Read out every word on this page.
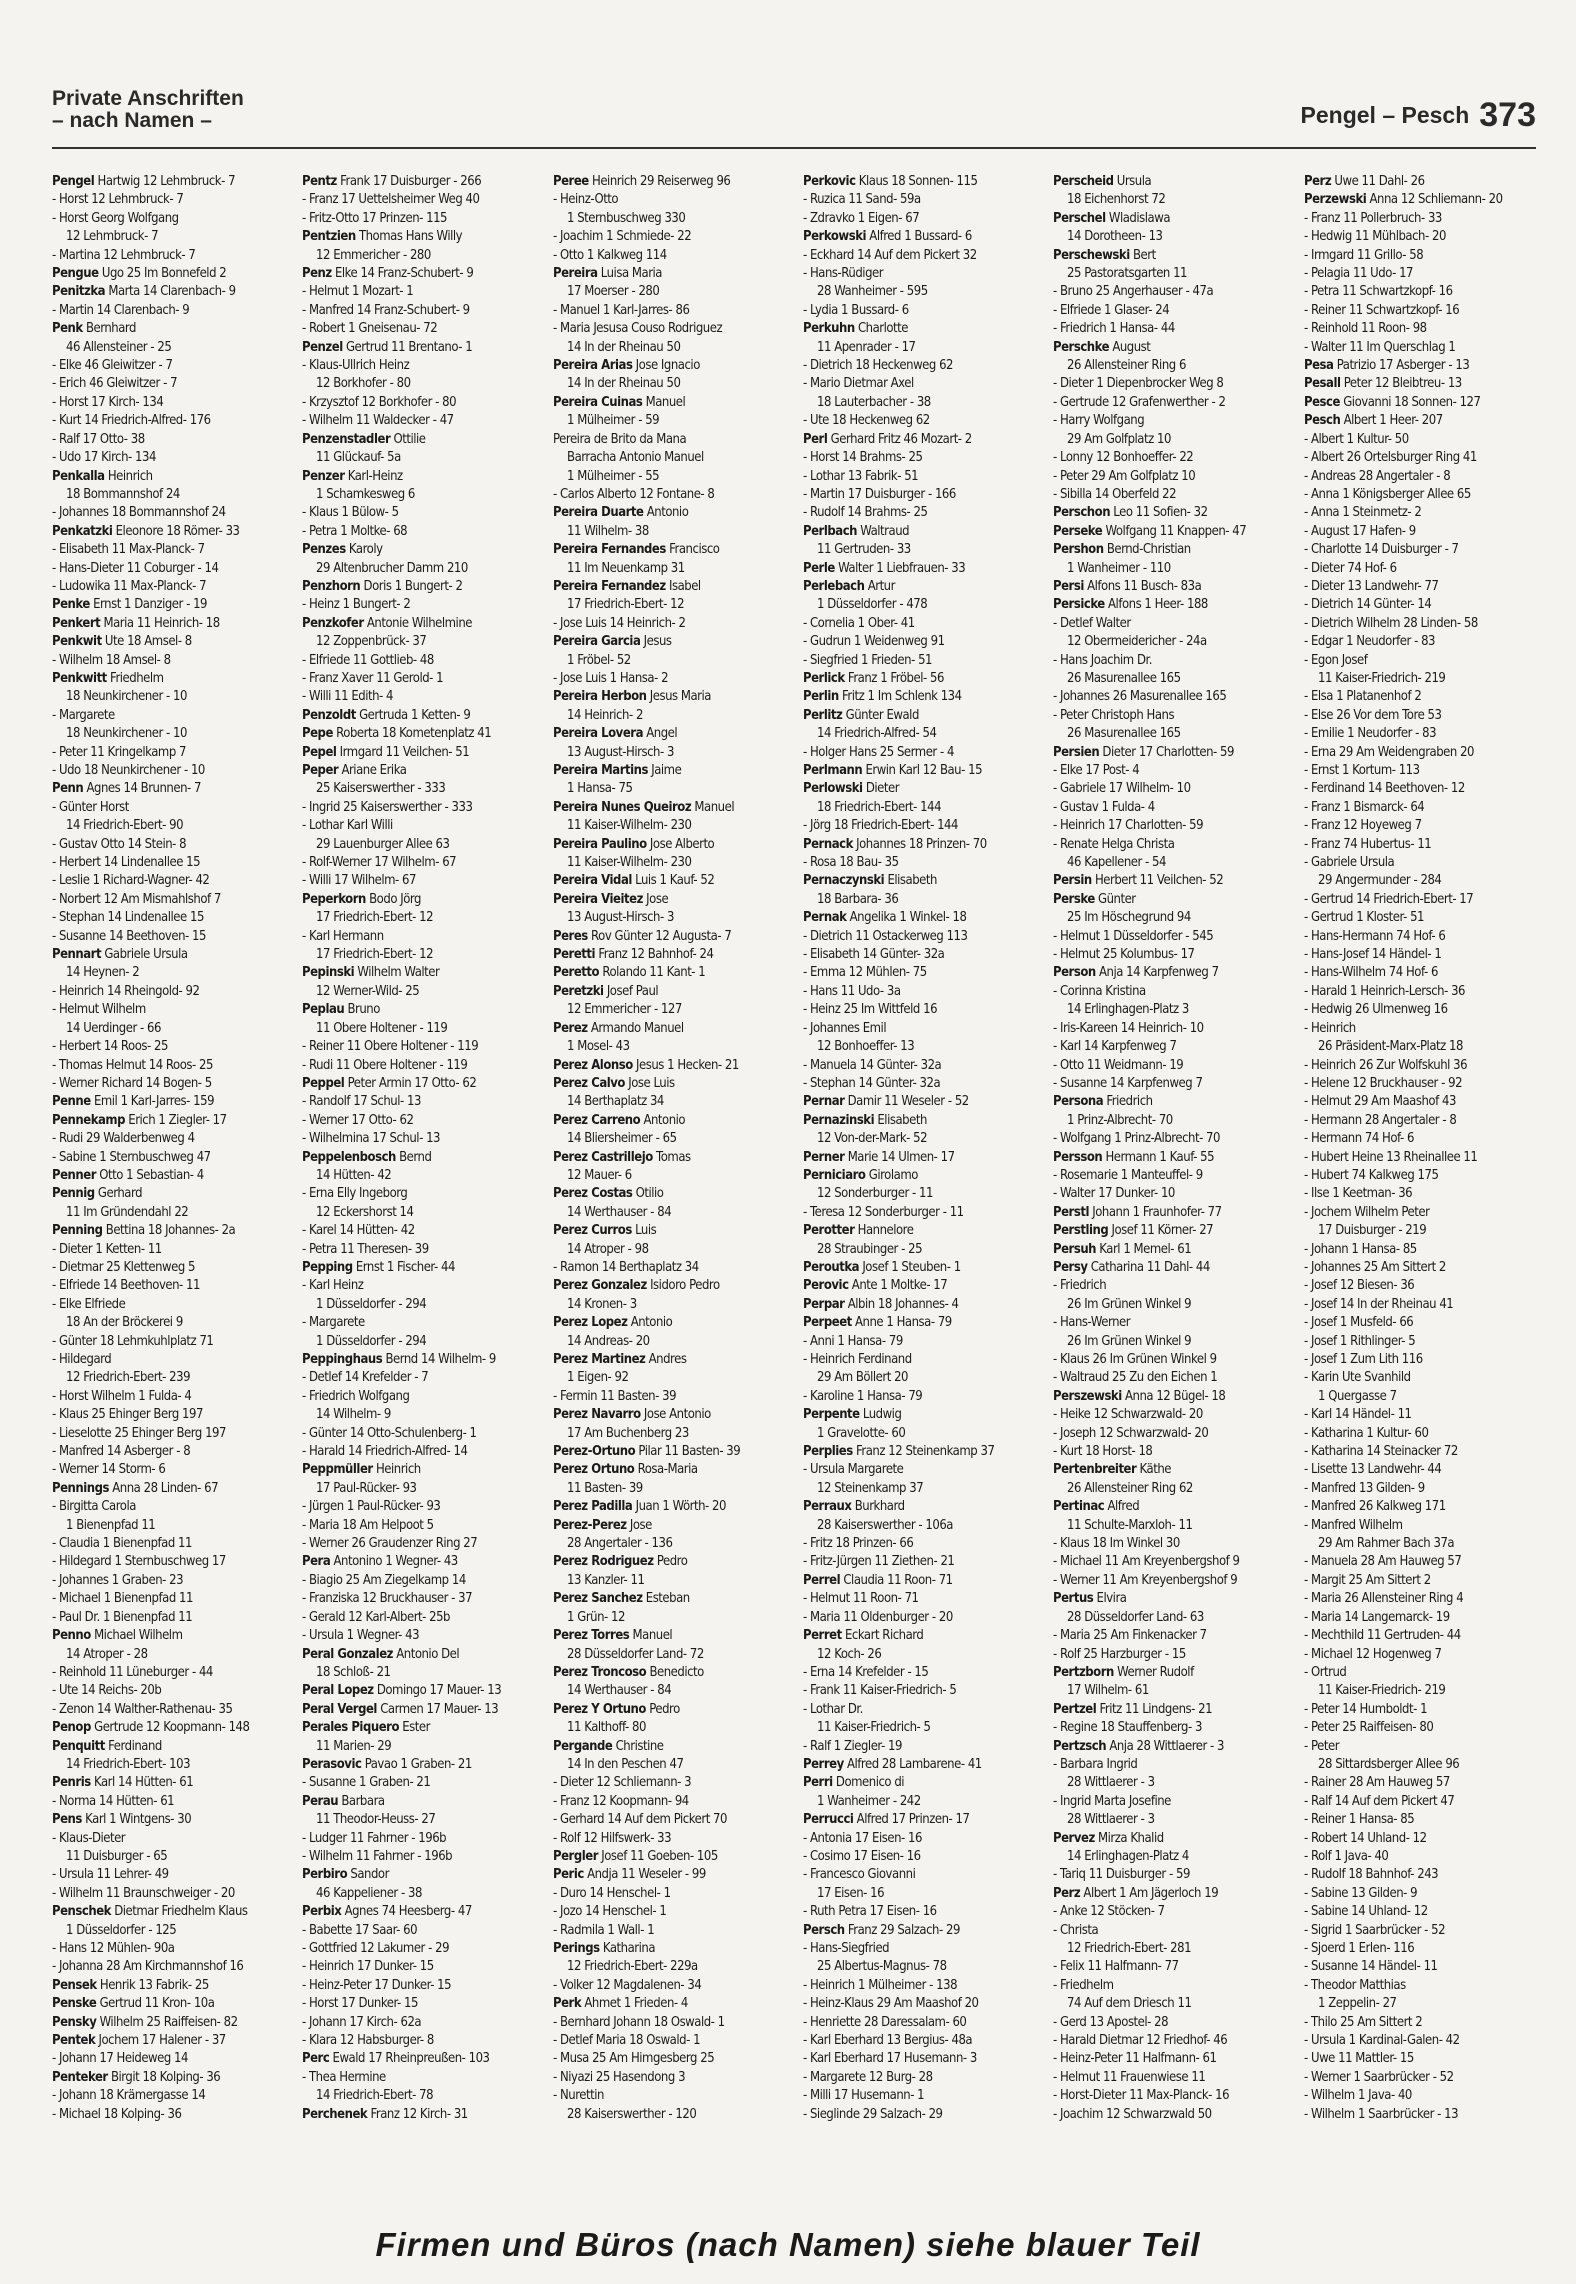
Private Anschriften
– nach Namen –	Pengel – Pesch 373
Pengel Hartwig 12 Lehmbruck- 7
- Horst 12 Lehmbruck- 7
- Horst Georg Wolfgang
12 Lehmbruck- 7
- Martina 12 Lehmbruck- 7
Pengue Ugo 25 Im Bonnefeld 2
Penitzka Marta 14 Clarenbach- 9
- Martin 14 Clarenbach- 9
Penk Bernhard
46 Allensteiner - 25
- Elke 46 Gleiwitzer - 7
- Erich 46 Gleiwitzer - 7
- Horst 17 Kirch- 134
- Kurt 14 Friedrich-Alfred- 176
- Ralf 17 Otto- 38
- Udo 17 Kirch- 134
Penkalla Heinrich
18 Bommannshof 24
- Johannes 18 Bommannshof 24
Penkatzki Eleonore 18 Römer- 33
- Elisabeth 11 Max-Planck- 7
- Hans-Dieter 11 Coburger - 14
- Ludowika 11 Max-Planck- 7
Penke Ernst 1 Danziger - 19
Penkert Maria 11 Heinrich- 18
Penkwit Ute 18 Amsel- 8
- Wilhelm 18 Amsel- 8
Penkwitt Friedhelm
18 Neunkirchener - 10
- Margarete
18 Neunkirchener - 10
- Peter 11 Kringelkamp 7
- Udo 18 Neunkirchener - 10
Penn Agnes 14 Brunnen- 7
- Günter Horst
14 Friedrich-Ebert- 90
- Gustav Otto 14 Stein- 8
- Herbert 14 Lindenallee 15
- Leslie 1 Richard-Wagner- 42
- Norbert 12 Am Mismahlshof 7
- Stephan 14 Lindenallee 15
- Susanne 14 Beethoven- 15
Pennart Gabriele Ursula
14 Heynen- 2
- Heinrich 14 Rheingold- 92
- Helmut Wilhelm
14 Uerdinger - 66
- Herbert 14 Roos- 25
- Thomas Helmut 14 Roos- 25
- Werner Richard 14 Bogen- 5
Penne Emil 1 Karl-Jarres- 159
Pennekamp Erich 1 Ziegler- 17
- Rudi 29 Walderbenweg 4
- Sabine 1 Sternbuschweg 47
Penner Otto 1 Sebastian- 4
Pennig Gerhard
11 Im Gründendahl 22
Penning Bettina 18 Johannes- 2a
- Dieter 1 Ketten- 11
- Dietmar 25 Klettenweg 5
- Elfriede 14 Beethoven- 11
- Elke Elfriede
18 An der Bröckerei 9
- Günter 18 Lehmkuhlplatz 71
- Hildegard
12 Friedrich-Ebert- 239
- Horst Wilhelm 1 Fulda- 4
- Klaus 25 Ehinger Berg 197
- Lieselotte 25 Ehinger Berg 197
- Manfred 14 Asberger - 8
- Werner 14 Storm- 6
Pennings Anna 28 Linden- 67
- Birgitta Carola
1 Bienenpfad 11
- Claudia 1 Bienenpfad 11
- Hildegard 1 Sternbuschweg 17
- Johannes 1 Graben- 23
- Michael 1 Bienenpfad 11
- Paul Dr. 1 Bienenpfad 11
Penno Michael Wilhelm
14 Atroper - 28
- Reinhold 11 Lüneburger - 44
- Ute 14 Reichs- 20b
- Zenon 14 Walther-Rathenau- 35
Penop Gertrude 12 Koopmann- 148
Penquitt Ferdinand
14 Friedrich-Ebert- 103
Penris Karl 14 Hütten- 61
- Norma 14 Hütten- 61
Pens Karl 1 Wintgens- 30
- Klaus-Dieter
11 Duisburger - 65
- Ursula 11 Lehrer- 49
- Wilhelm 11 Braunschweiger - 20
Penschek Dietmar Friedhelm Klaus
1 Düsseldorfer - 125
- Hans 12 Mühlen- 90a
- Johanna 28 Am Kirchmannshof 16
Pensek Henrik 13 Fabrik- 25
Penske Gertrud 11 Kron- 10a
Pensky Wilhelm 25 Raiffeisen- 82
Pentek Jochem 17 Halener - 37
- Johann 17 Heideweg 14
Penteker Birgit 18 Kolping- 36
- Johann 18 Krämergasse 14
- Michael 18 Kolping- 36
Pentz Frank 17 Duisburger - 266
- Franz 17 Uettelsheimer Weg 40
- Fritz-Otto 17 Prinzen- 115
Pentzien Thomas Hans Willy
12 Emmericher - 280
Penz Elke 14 Franz-Schubert- 9
- Helmut 1 Mozart- 1
- Manfred 14 Franz-Schubert- 9
- Robert 1 Gneisenau- 72
Penzel Gertrud 11 Brentano- 1
- Klaus-Ullrich Heinz
12 Borkhofer - 80
- Krzysztof 12 Borkhofer - 80
- Wilhelm 11 Waldecker - 47
Penzenstadler Ottilie
11 Glückauf- 5a
Penzer Karl-Heinz
1 Schamkesweg 6
- Klaus 1 Bülow- 5
- Petra 1 Moltke- 68
Penzes Karoly
29 Altenbrucher Damm 210
Penzhorn Doris 1 Bungert- 2
- Heinz 1 Bungert- 2
Penzkofer Antonie Wilhelmine
12 Zoppenbrück- 37
- Elfriede 11 Gottlieb- 48
- Franz Xaver 11 Gerold- 1
- Willi 11 Edith- 4
Penzoldt Gertruda 1 Ketten- 9
Pepe Roberta 18 Kometenplatz 41
Pepel Irmgard 11 Veilchen- 51
Peper Ariane Erika
25 Kaiserswerther - 333
- Ingrid 25 Kaiserswerther - 333
- Lothar Karl Willi
29 Lauenburger Allee 63
- Rolf-Werner 17 Wilhelm- 67
- Willi 17 Wilhelm- 67
Peperkorn Bodo Jörg
17 Friedrich-Ebert- 12
- Karl Hermann
17 Friedrich-Ebert- 12
Pepinski Wilhelm Walter
12 Werner-Wild- 25
Peplau Bruno
11 Obere Holtener - 119
- Reiner 11 Obere Holtener - 119
- Rudi 11 Obere Holtener - 119
Peppel Peter Armin 17 Otto- 62
- Randolf 17 Schul- 13
- Werner 17 Otto- 62
- Wilhelmina 17 Schul- 13
Peppelenbosch Bernd
14 Hütten- 42
- Erna Elly Ingeborg
12 Eckershorst 14
- Karel 14 Hütten- 42
- Petra 11 Theresen- 39
Pepping Ernst 1 Fischer- 44
- Karl Heinz
1 Düsseldorfer - 294
- Margarete
1 Düsseldorfer - 294
Peppinghaus Bernd 14 Wilhelm- 9
- Detlef 14 Krefelder - 7
- Friedrich Wolfgang
14 Wilhelm- 9
- Günter 14 Otto-Schulenberg- 1
- Harald 14 Friedrich-Alfred- 14
Peppmüller Heinrich
17 Paul-Rücker- 93
- Jürgen 1 Paul-Rücker- 93
- Maria 18 Am Helpoot 5
- Werner 26 Graudenzer Ring 27
Pera Antonino 1 Wegner- 43
- Biagio 25 Am Ziegelkamp 14
- Franziska 12 Bruckhauser - 37
- Gerald 12 Karl-Albert- 25b
- Ursula 1 Wegner- 43
Peral Gonzalez Antonio Del
18 Schloß- 21
Peral Lopez Domingo 17 Mauer- 13
Peral Vergel Carmen 17 Mauer- 13
Perales Piquero Ester
11 Marien- 29
Perasovic Pavao 1 Graben- 21
- Susanne 1 Graben- 21
Perau Barbara
11 Theodor-Heuss- 27
- Ludger 11 Fahrner - 196b
- Wilhelm 11 Fahrner - 196b
Perbiro Sandor
46 Kappeliener - 38
Perbix Agnes 74 Heesberg- 47
- Babette 17 Saar- 60
- Gottfried 12 Lakumer - 29
- Heinrich 17 Dunker- 15
- Heinz-Peter 17 Dunker- 15
- Horst 17 Dunker- 15
- Johann 17 Kirch- 62a
- Klara 12 Habsburger- 8
Perc Ewald 17 Rheinpreußen- 103
- Thea Hermine
14 Friedrich-Ebert- 78
Perchenek Franz 12 Kirch- 31
Peree Heinrich 29 Reiserweg 96
- Heinz-Otto
1 Sternbuschweg 330
- Joachim 1 Schmiede- 22
- Otto 1 Kalkweg 114
Pereira Luisa Maria
17 Moerser - 280
- Manuel 1 Karl-Jarres- 86
- Maria Jesusa Couso Rodriguez
14 In der Rheinau 50
Pereira Arias Jose Ignacio
14 In der Rheinau 50
Pereira Cuinas Manuel
1 Mülheimer - 59
Pereira de Brito da Mana
Barracha Antonio Manuel
1 Mülheimer - 55
- Carlos Alberto 12 Fontane- 8
Pereira Duarte Antonio
11 Wilhelm- 38
Pereira Fernandes Francisco
11 Im Neuenkamp 31
Pereira Fernandez Isabel
17 Friedrich-Ebert- 12
- Jose Luis 14 Heinrich- 2
Pereira Garcia Jesus
1 Fröbel- 52
- Jose Luis 1 Hansa- 2
Pereira Herbon Jesus Maria
14 Heinrich- 2
Pereira Lovera Angel
13 August-Hirsch- 3
Pereira Martins Jaime
1 Hansa- 75
Pereira Nunes Queiroz Manuel
11 Kaiser-Wilhelm- 230
Pereira Paulino Jose Alberto
11 Kaiser-Wilhelm- 230
Pereira Vidal Luis 1 Kauf- 52
Pereira Vieitez Jose
13 August-Hirsch- 3
Peres Rov Günter 12 Augusta- 7
Peretti Franz 12 Bahnhof- 24
Peretto Rolando 11 Kant- 1
Peretzki Josef Paul
12 Emmericher - 127
Perez Armando Manuel
1 Mosel- 43
Perez Alonso Jesus 1 Hecken- 21
Perez Calvo Jose Luis
14 Berthaplatz 34
Perez Carreno Antonio
14 Bliersheimer - 65
Perez Castrillejo Tomas
12 Mauer- 6
Perez Costas Otilio
14 Werthauser - 84
Perez Curros Luis
14 Atroper - 98
- Ramon 14 Berthaplatz 34
Perez Gonzalez Isidoro Pedro
14 Kronen- 3
Perez Lopez Antonio
14 Andreas- 20
Perez Martinez Andres
1 Eigen- 92
- Fermin 11 Basten- 39
Perez Navarro Jose Antonio
17 Am Buchenberg 23
Perez-Ortuno Pilar 11 Basten- 39
Perez Ortuno Rosa-Maria
11 Basten- 39
Perez Padilla Juan 1 Wörth- 20
Perez-Perez Jose
28 Angertaler - 136
Perez Rodriguez Pedro
13 Kanzler- 11
Perez Sanchez Esteban
1 Grün- 12
Perez Torres Manuel
28 Düsseldorfer Land- 72
Perez Troncoso Benedicto
14 Werthauser - 84
Perez Y Ortuno Pedro
11 Kalthoff- 80
Pergande Christine
14 In den Peschen 47
- Dieter 12 Schliemann- 3
- Franz 12 Koopmann- 94
- Gerhard 14 Auf dem Pickert 70
- Rolf 12 Hilfswerk- 33
Pergler Josef 11 Goeben- 105
Peric Andja 11 Weseler - 99
- Duro 14 Henschel- 1
- Jozo 14 Henschel- 1
- Radmila 1 Wall- 1
Perings Katharina
12 Friedrich-Ebert- 229a
- Volker 12 Magdalenen- 34
Perk Ahmet 1 Frieden- 4
- Bernhard Johann 18 Oswald- 1
- Detlef Maria 18 Oswald- 1
- Musa 25 Am Himgesberg 25
- Niyazi 25 Hasendong 3
- Nurettin
28 Kaiserswerther - 120
Perkovic Klaus 18 Sonnen- 115
- Ruzica 11 Sand- 59a
- Zdravko 1 Eigen- 67
Perkowski Alfred 1 Bussard- 6
- Eckhard 14 Auf dem Pickert 32
- Hans-Rüdiger
28 Wanheimer - 595
- Lydia 1 Bussard- 6
Perkuhn Charlotte
11 Apenrader - 17
- Dietrich 18 Heckenweg 62
- Mario Dietmar Axel
18 Lauterbacher - 38
- Ute 18 Heckenweg 62
Perl Gerhard Fritz 46 Mozart- 2
- Horst 14 Brahms- 25
- Lothar 13 Fabrik- 51
- Martin 17 Duisburger - 166
- Rudolf 14 Brahms- 25
Perlbach Waltraud
11 Gertruden- 33
Perle Walter 1 Liebfrauen- 33
Perlebach Artur
1 Düsseldorfer - 478
- Cornelia 1 Ober- 41
- Gudrun 1 Weidenweg 91
- Siegfried 1 Frieden- 51
Perlick Franz 1 Fröbel- 56
Perlin Fritz 1 Im Schlenk 134
Perlitz Günter Ewald
14 Friedrich-Alfred- 54
- Holger Hans 25 Sermer - 4
Perlmann Erwin Karl 12 Bau- 15
Perlowski Dieter
18 Friedrich-Ebert- 144
- Jörg 18 Friedrich-Ebert- 144
Pernack Johannes 18 Prinzen- 70
- Rosa 18 Bau- 35
Pernaczynski Elisabeth
18 Barbara- 36
Pernak Angelika 1 Winkel- 18
- Dietrich 11 Ostackerweg 113
- Elisabeth 14 Günter- 32a
- Emma 12 Mühlen- 75
- Hans 11 Udo- 3a
- Heinz 25 Im Wittfeld 16
- Johannes Emil
12 Bonhoeffer- 13
- Manuela 14 Günter- 32a
- Stephan 14 Günter- 32a
Pernar Damir 11 Weseler - 52
Pernazinski Elisabeth
12 Von-der-Mark- 52
Perner Marie 14 Ulmen- 17
Perniciaro Girolamo
12 Sonderburger - 11
- Teresa 12 Sonderburger - 11
Perotter Hannelore
28 Straubinger - 25
Peroutka Josef 1 Steuben- 1
Perovic Ante 1 Moltke- 17
Perpar Albin 18 Johannes- 4
Perpeet Anne 1 Hansa- 79
- Anni 1 Hansa- 79
- Heinrich Ferdinand
29 Am Böllert 20
- Karoline 1 Hansa- 79
Perpente Ludwig
1 Gravelotte- 60
Perplies Franz 12 Steinenkamp 37
- Ursula Margarete
12 Steinenkamp 37
Perraux Burkhard
28 Kaiserswerther - 106a
- Fritz 18 Prinzen- 66
- Fritz-Jürgen 11 Ziethen- 21
Perrel Claudia 11 Roon- 71
- Helmut 11 Roon- 71
- Maria 11 Oldenburger - 20
Perret Eckart Richard
12 Koch- 26
- Erna 14 Krefelder - 15
- Frank 11 Kaiser-Friedrich- 5
- Lothar Dr.
11 Kaiser-Friedrich- 5
- Ralf 1 Ziegler- 19
Perrey Alfred 28 Lambarene- 41
Perri Domenico di
1 Wanheimer - 242
Perrucci Alfred 17 Prinzen- 17
- Antonia 17 Eisen- 16
- Cosimo 17 Eisen- 16
- Francesco Giovanni
17 Eisen- 16
- Ruth Petra 17 Eisen- 16
Persch Franz 29 Salzach- 29
- Hans-Siegfried
25 Albertus-Magnus- 78
- Heinrich 1 Mülheimer - 138
- Heinz-Klaus 29 Am Maashof 20
- Henriette 28 Daressalam- 60
- Karl Eberhard 13 Bergius- 48a
- Karl Eberhard 17 Husemann- 3
- Margarete 12 Burg- 28
- Milli 17 Husemann- 1
- Sieglinde 29 Salzach- 29
Perscheid Ursula
18 Eichenhorst 72
Perschel Wladislawa
14 Dorotheen- 13
Perschewski Bert
25 Pastoratsgarten 11
- Bruno 25 Angerhauser - 47a
- Elfriede 1 Glaser- 24
- Friedrich 1 Hansa- 44
Perschke August
26 Allensteiner Ring 6
- Dieter 1 Diepenbrocker Weg 8
- Gertrude 12 Grafenwerther - 2
- Harry Wolfgang
29 Am Golfplatz 10
- Lonny 12 Bonhoeffer- 22
- Peter 29 Am Golfplatz 10
- Sibilla 14 Oberfeld 22
Perschon Leo 11 Sofien- 32
Perseke Wolfgang 11 Knappen- 47
Pershon Bernd-Christian
1 Wanheimer - 110
Persi Alfons 11 Busch- 83a
Persicke Alfons 1 Heer- 188
- Detlef Walter
12 Obermeidericher - 24a
- Hans Joachim Dr.
26 Masurenallee 165
- Johannes 26 Masurenallee 165
- Peter Christoph Hans
26 Masurenallee 165
Persien Dieter 17 Charlotten- 59
- Elke 17 Post- 4
- Gabriele 17 Wilhelm- 10
- Gustav 1 Fulda- 4
- Heinrich 17 Charlotten- 59
- Renate Helga Christa
46 Kapellener - 54
Persin Herbert 11 Veilchen- 52
Perske Günter
25 Im Höschegrund 94
- Helmut 1 Düsseldorfer - 545
- Helmut 25 Kolumbus- 17
Person Anja 14 Karpfenweg 7
- Corinna Kristina
14 Erlinghagen-Platz 3
- Iris-Kareen 14 Heinrich- 10
- Karl 14 Karpfenweg 7
- Otto 11 Weidmann- 19
- Susanne 14 Karpfenweg 7
Persona Friedrich
1 Prinz-Albrecht- 70
- Wolfgang 1 Prinz-Albrecht- 70
Persson Hermann 1 Kauf- 55
- Rosemarie 1 Manteuffel- 9
- Walter 17 Dunker- 10
Perstl Johann 1 Fraunhofer- 77
Perstling Josef 11 Körner- 27
Persuh Karl 1 Memel- 61
Persy Catharina 11 Dahl- 44
- Friedrich
26 Im Grünen Winkel 9
- Hans-Werner
26 Im Grünen Winkel 9
- Klaus 26 Im Grünen Winkel 9
- Waltraud 25 Zu den Eichen 1
Perszewski Anna 12 Bügel- 18
- Heike 12 Schwarzwald- 20
- Joseph 12 Schwarzwald- 20
- Kurt 18 Horst- 18
Pertenbreiter Käthe
26 Allensteiner Ring 62
Pertinac Alfred
11 Schulte-Marxloh- 11
- Klaus 18 Im Winkel 30
- Michael 11 Am Kreyenbergshof 9
- Werner 11 Am Kreyenbergshof 9
Pertus Elvira
28 Düsseldorfer Land- 63
- Maria 25 Am Finkenacker 7
- Rolf 25 Harzburger - 15
Pertzborn Werner Rudolf
17 Wilhelm- 61
Pertzel Fritz 11 Lindgens- 21
- Regine 18 Stauffenberg- 3
Pertzsch Anja 28 Wittlaerer - 3
- Barbara Ingrid
28 Wittlaerer - 3
- Ingrid Marta Josefine
28 Wittlaerer - 3
Pervez Mirza Khalid
14 Erlinghagen-Platz 4
- Tariq 11 Duisburger - 59
Perz Albert 1 Am Jägerloch 19
- Anke 12 Stöcken- 7
- Christa
12 Friedrich-Ebert- 281
- Felix 11 Halfmann- 77
- Friedhelm
74 Auf dem Driesch 11
- Gerd 13 Apostel- 28
- Harald Dietmar 12 Friedhof- 46
- Heinz-Peter 11 Halfmann- 61
- Helmut 11 Frauenwiese 11
- Horst-Dieter 11 Max-Planck- 16
- Joachim 12 Schwarzwald 50
Perz Uwe 11 Dahl- 26
Perzewski Anna 12 Schliemann- 20
- Franz 11 Pollerbruch- 33
- Hedwig 11 Mühlbach- 20
- Irmgard 11 Grillo- 58
- Pelagia 11 Udo- 17
- Petra 11 Schwartzkopf- 16
- Reiner 11 Schwartzkopf- 16
- Reinhold 11 Roon- 98
- Walter 11 Im Querschlag 1
Pesa Patrizio 17 Asberger - 13
Pesall Peter 12 Bleibtreu- 13
Pesce Giovanni 18 Sonnen- 127
Pesch Albert 1 Heer- 207
- Albert 1 Kultur- 50
- Albert 26 Ortelsburger Ring 41
- Andreas 28 Angertaler - 8
- Anna 1 Königsberger Allee 65
- Anna 1 Steinmetz- 2
- August 17 Hafen- 9
- Charlotte 14 Duisburger - 7
- Dieter 74 Hof- 6
- Dieter 13 Landwehr- 77
- Dietrich 14 Günter- 14
- Dietrich Wilhelm 28 Linden- 58
- Edgar 1 Neudorfer - 83
- Egon Josef
11 Kaiser-Friedrich- 219
- Elsa 1 Platanenhof 2
- Else 26 Vor dem Tore 53
- Emilie 1 Neudorfer - 83
- Erna 29 Am Weidengraben 20
- Ernst 1 Kortum- 113
- Ferdinand 14 Beethoven- 12
- Franz 1 Bismarck- 64
- Franz 12 Hoyeweg 7
- Franz 74 Hubertus- 11
- Gabriele Ursula
29 Angermunder - 284
- Gertrud 14 Friedrich-Ebert- 17
- Gertrud 1 Kloster- 51
- Hans-Hermann 74 Hof- 6
- Hans-Josef 14 Händel- 1
- Hans-Wilhelm 74 Hof- 6
- Harald 1 Heinrich-Lersch- 36
- Hedwig 26 Ulmenweg 16
- Heinrich
26 Präsident-Marx-Platz 18
- Heinrich 26 Zur Wolfskuhl 36
- Helene 12 Bruckhauser - 92
- Helmut 29 Am Maashof 43
- Hermann 28 Angertaler - 8
- Hermann 74 Hof- 6
- Hubert Heine 13 Rheinallee 11
- Hubert 74 Kalkweg 175
- Ilse 1 Keetman- 36
- Jochem Wilhelm Peter
17 Duisburger - 219
- Johann 1 Hansa- 85
- Johannes 25 Am Sittert 2
- Josef 12 Biesen- 36
- Josef 14 In der Rheinau 41
- Josef 1 Musfeld- 66
- Josef 1 Rithlinger- 5
- Josef 1 Zum Lith 116
- Karin Ute Svanhild
1 Quergasse 7
- Karl 14 Händel- 11
- Katharina 1 Kultur- 60
- Katharina 14 Steinacker 72
- Lisette 13 Landwehr- 44
- Manfred 13 Gilden- 9
- Manfred 26 Kalkweg 171
- Manfred Wilhelm
29 Am Rahmer Bach 37a
- Manuela 28 Am Hauweg 57
- Margit 25 Am Sittert 2
- Maria 26 Allensteiner Ring 4
- Maria 14 Langemarck- 19
- Mechthild 11 Gertruden- 44
- Michael 12 Hogenweg 7
- Ortrud
11 Kaiser-Friedrich- 219
- Peter 14 Humboldt- 1
- Peter 25 Raiffeisen- 80
- Peter
28 Sittardsberger Allee 96
- Rainer 28 Am Hauweg 57
- Ralf 14 Auf dem Pickert 47
- Reiner 1 Hansa- 85
- Robert 14 Uhland- 12
- Rolf 1 Java- 40
- Rudolf 18 Bahnhof- 243
- Sabine 13 Gilden- 9
- Sabine 14 Uhland- 12
- Sigrid 1 Saarbrücker - 52
- Sjoerd 1 Erlen- 116
- Susanne 14 Händel- 11
- Theodor Matthias
1 Zeppelin- 27
- Thilo 25 Am Sittert 2
- Ursula 1 Kardinal-Galen- 42
- Uwe 11 Mattler- 15
- Werner 1 Saarbrücker - 52
- Wilhelm 1 Java- 40
- Wilhelm 1 Saarbrücker - 13
Firmen und Büros (nach Namen) siehe blauer Teil
